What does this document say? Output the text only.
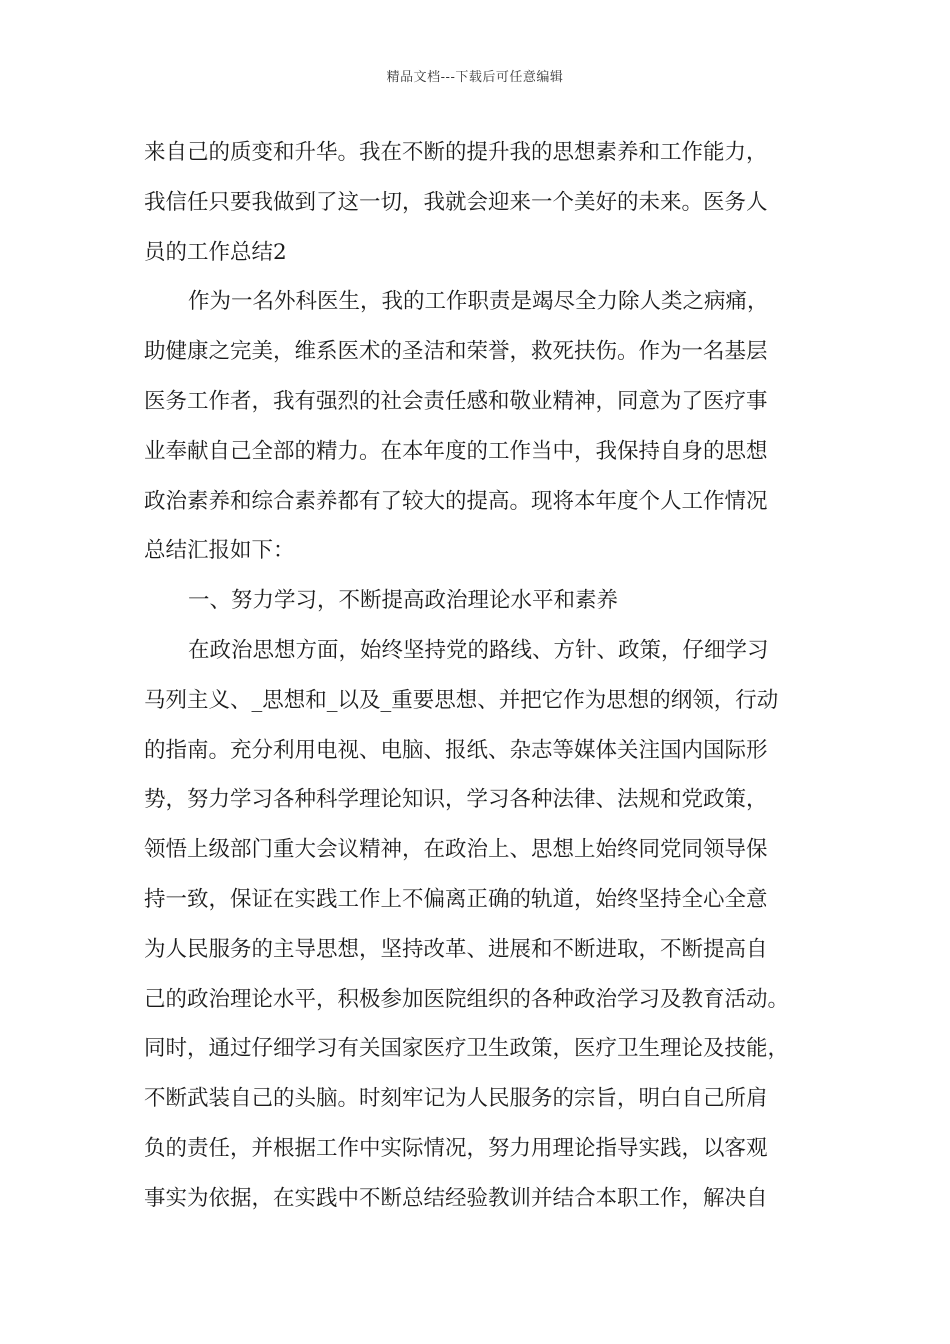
精品文档---下载后可任意编辑
来自己的质变和升华。我在不断的提升我的思想素养和工作能力，
我信任只要我做到了这一切，我就会迎来一个美好的未来。医务人
员的工作总结2
作为一名外科医生，我的工作职责是竭尽全力除人类之病痛，
助健康之完美，维系医术的圣洁和荣誉，救死扶伤。作为一名基层
医务工作者，我有强烈的社会责任感和敬业精神，同意为了医疗事
业奉献自己全部的精力。在本年度的工作当中，我保持自身的思想
政治素养和综合素养都有了较大的提高。现将本年度个人工作情况
总结汇报如下：
一、努力学习，不断提高政治理论水平和素养
在政治思想方面，始终坚持党的路线、方针、政策，仔细学习
马列主义、_思想和_以及_重要思想、并把它作为思想的纲领，行动
的指南。充分利用电视、电脑、报纸、杂志等媒体关注国内国际形
势，努力学习各种科学理论知识，学习各种法律、法规和党政策，
领悟上级部门重大会议精神，在政治上、思想上始终同党同领导保
持一致，保证在实践工作上不偏离正确的轨道，始终坚持全心全意
为人民服务的主导思想，坚持改革、进展和不断进取，不断提高自
己的政治理论水平，积极参加医院组织的各种政治学习及教育活动。
同时，通过仔细学习有关国家医疗卫生政策，医疗卫生理论及技能，
不断武装自己的头脑。时刻牢记为人民服务的宗旨，明白自己所肩
负的责任，并根据工作中实际情况，努力用理论指导实践，以客观
事实为依据，在实践中不断总结经验教训并结合本职工作，解决自
